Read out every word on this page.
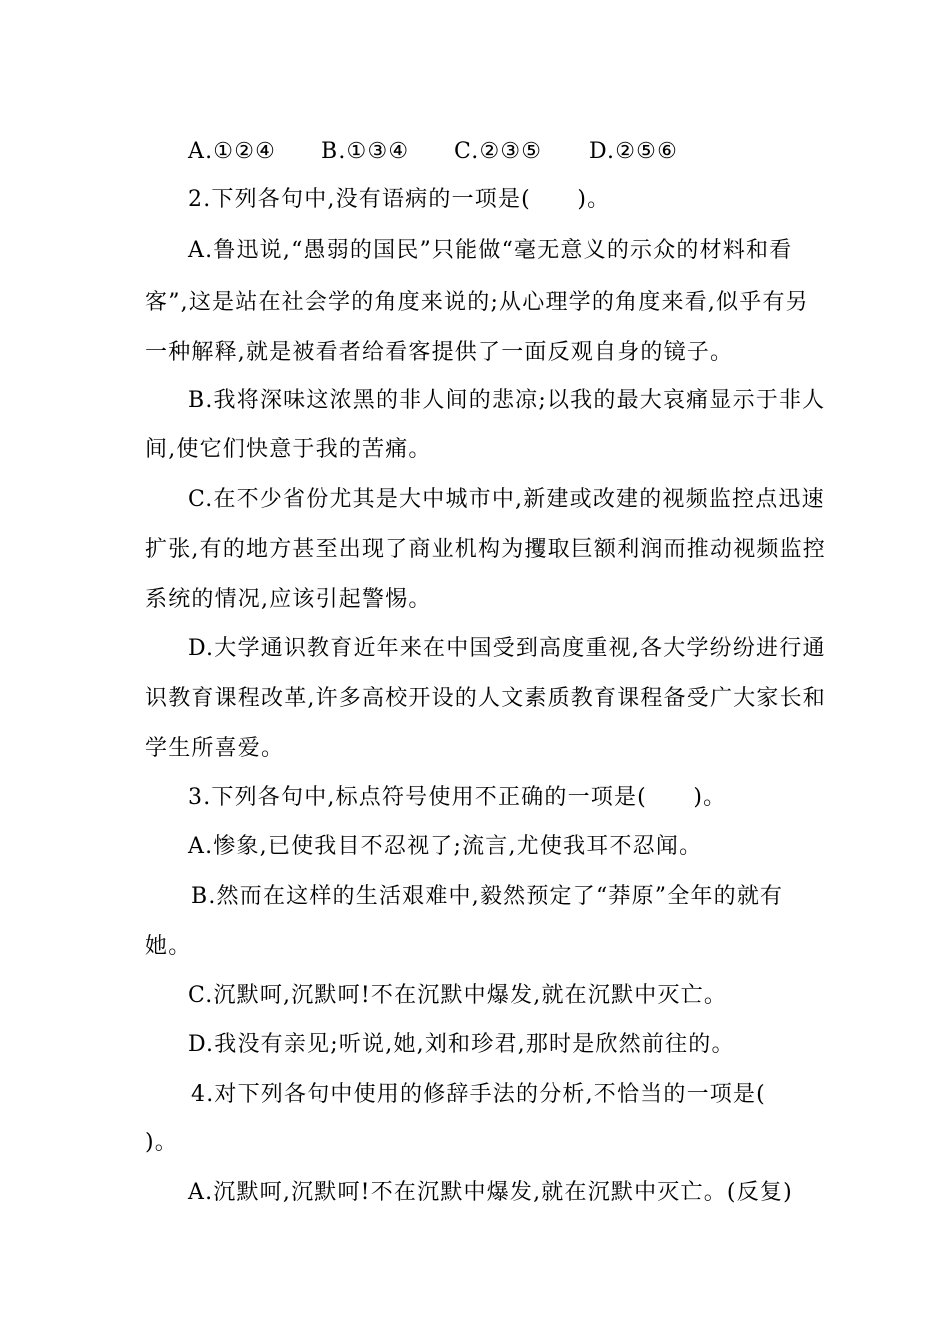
A.①②④ B.①③④ C.②③⑤ D.②⑤⑥
2.下列各句中,没有语病的一项是(　　)。
A.鲁迅说,“愚弱的国民”只能做“毫无意义的示众的材料和看
客”,这是站在社会学的角度来说的;从心理学的角度来看,似乎有另
一种解释,就是被看者给看客提供了一面反观自身的镜子。
B.我将深味这浓黑的非人间的悲凉;以我的最大哀痛显示于非人
间,使它们快意于我的苦痛。
C.在不少省份尤其是大中城市中,新建或改建的视频监控点迅速
扩张,有的地方甚至出现了商业机构为攫取巨额利润而推动视频监控
系统的情况,应该引起警惕。
D.大学通识教育近年来在中国受到高度重视,各大学纷纷进行通
识教育课程改革,许多高校开设的人文素质教育课程备受广大家长和
学生所喜爱。
3.下列各句中,标点符号使用不正确的一项是(　　)。
A.惨象,已使我目不忍视了;流言,尤使我耳不忍闻。
B.然而在这样的生活艰难中,毅然预定了“莽原”全年的就有
她。
C.沉默呵,沉默呵!不在沉默中爆发,就在沉默中灭亡。
D.我没有亲见;听说,她,刘和珍君,那时是欣然前往的。
4.对下列各句中使用的修辞手法的分析,不恰当的一项是(
)。
A.沉默呵,沉默呵!不在沉默中爆发,就在沉默中灭亡。(反复)
